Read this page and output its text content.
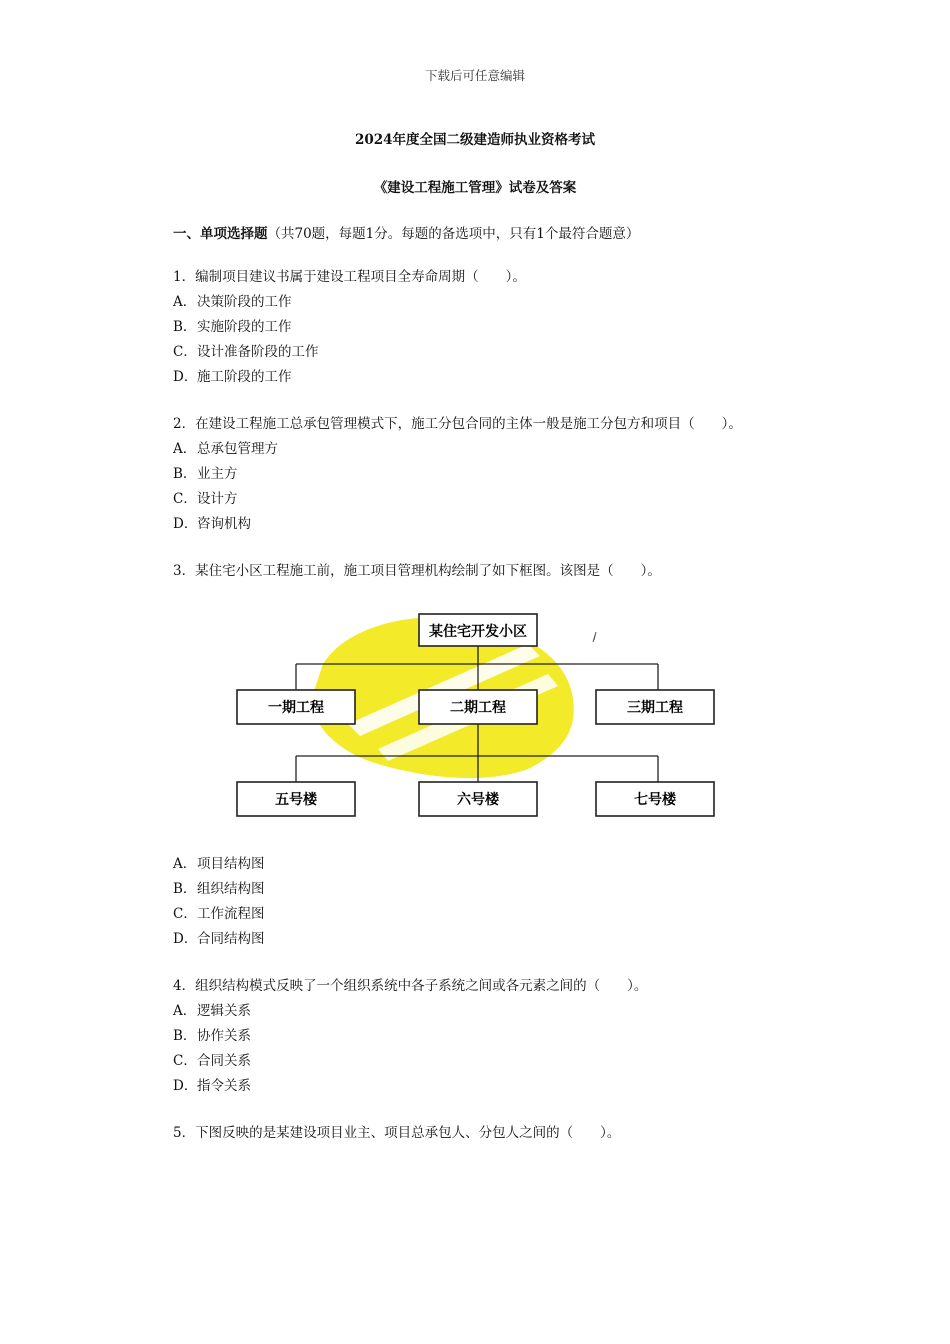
下载后可任意编辑
2024年度全国二级建造师执业资格考试
《建设工程施工管理》试卷及答案
一、单项选择题（共70题，每题1分。每题的备选项中，只有1个最符合题意）
1．编制项目建议书属于建设工程项目全寿命周期（　　）。
A．决策阶段的工作
B．实施阶段的工作
C．设计准备阶段的工作
D．施工阶段的工作
2．在建设工程施工总承包管理模式下，施工分包合同的主体一般是施工分包方和项目（　　）。
A．总承包管理方
B．业主方
C．设计方
D．咨询机构
3．某住宅小区工程施工前，施工项目管理机构绘制了如下框图。该图是（　　）。
某住宅开发小区
一期工程	二期工程	三期工程
五号楼	六号楼	七号楼
A．项目结构图
B．组织结构图
C．工作流程图
D．合同结构图
4．组织结构模式反映了一个组织系统中各子系统之间或各元素之间的（　　）。
A．逻辑关系
B．协作关系
C．合同关系
D．指令关系
5．下图反映的是某建设项目业主、项目总承包人、分包人之间的（　　）。
